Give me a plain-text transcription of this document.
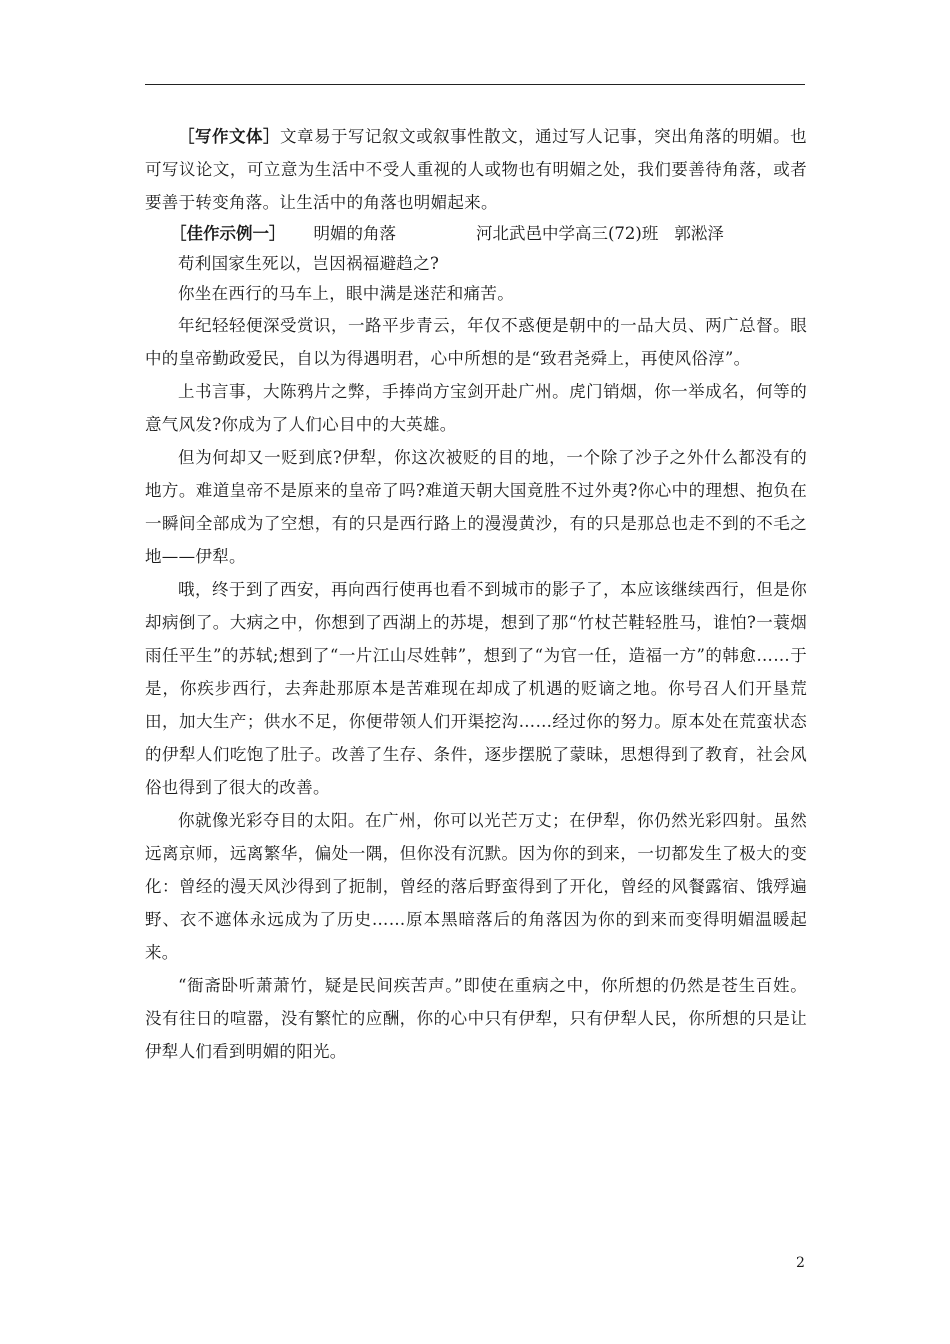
［写作文体］文章易于写记叙文或叙事性散文，通过写人记事，突出角落的明媚。也可写议论文，可立意为生活中不受人重视的人或物也有明媚之处，我们要善待角落，或者要善于转变角落。让生活中的角落也明媚起来。

［佳作示例一］ 明媚的角落	河北武邑中学高三(72)班 郭淞泽

苟利国家生死以，岂因祸福避趋之?

你坐在西行的马车上，眼中满是迷茫和痛苦。

年纪轻轻便深受赏识，一路平步青云，年仅不惑便是朝中的一品大员、两广总督。眼中的皇帝勤政爱民，自以为得遇明君，心中所想的是“致君尧舜上，再使风俗淳”。

上书言事，大陈鸦片之弊，手捧尚方宝剑开赴广州。虎门销烟，你一举成名，何等的意气风发?你成为了人们心目中的大英雄。

但为何却又一贬到底?伊犁，你这次被贬的目的地，一个除了沙子之外什么都没有的地方。难道皇帝不是原来的皇帝了吗?难道天朝大国竟胜不过外夷?你心中的理想、抱负在一瞬间全部成为了空想，有的只是西行路上的漫漫黄沙，有的只是那总也走不到的不毛之地——伊犁。

哦，终于到了西安，再向西行使再也看不到城市的影子了，本应该继续西行，但是你却病倒了。大病之中，你想到了西湖上的苏堤，想到了那“竹杖芒鞋轻胜马，谁怕?一蓑烟雨任平生”的苏轼;想到了“一片江山尽姓韩”，想到了“为官一任，造福一方”的韩愈……于是，你疾步西行，去奔赴那原本是苦难现在却成了机遇的贬谪之地。你号召人们开垦荒田，加大生产；供水不足，你便带领人们开渠挖沟……经过你的努力。原本处在荒蛮状态的伊犁人们吃饱了肚子。改善了生存、条件，逐步摆脱了蒙昧，思想得到了教育，社会风俗也得到了很大的改善。

你就像光彩夺目的太阳。在广州，你可以光芒万丈；在伊犁，你仍然光彩四射。虽然远离京师，远离繁华，偏处一隅，但你没有沉默。因为你的到来，一切都发生了极大的变化：曾经的漫天风沙得到了扼制，曾经的落后野蛮得到了开化，曾经的风餐露宿、饿殍遍野、衣不遮体永远成为了历史……原本黑暗落后的角落因为你的到来而变得明媚温暖起来。

“衙斋卧听萧萧竹，疑是民间疾苦声。”即使在重病之中，你所想的仍然是苍生百姓。没有往日的喧嚣，没有繁忙的应酬，你的心中只有伊犁，只有伊犁人民，你所想的只是让伊犁人们看到明媚的阳光。

2
